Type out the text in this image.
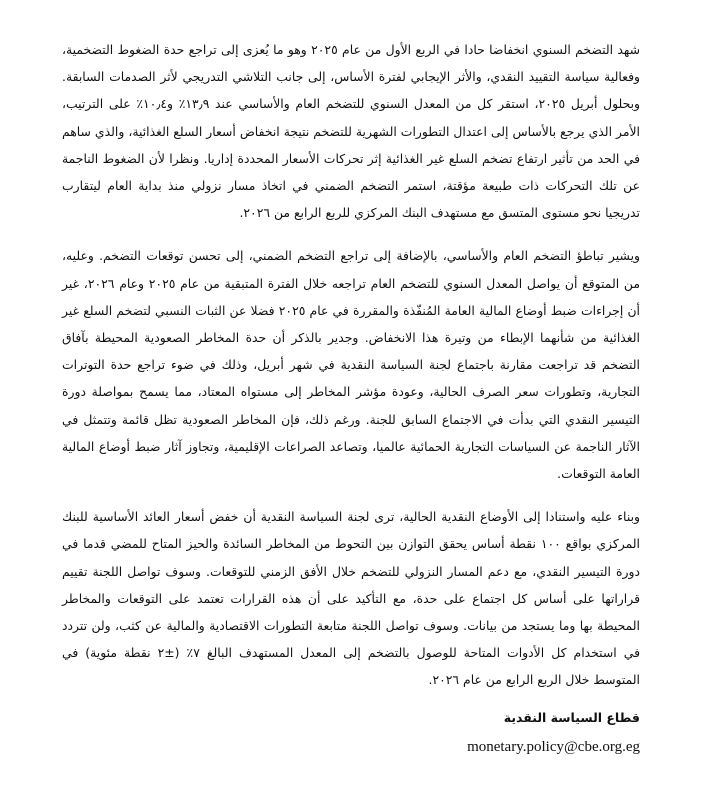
شهد التضخم السنوي انخفاضا حادا في الربع الأول من عام ٢٠٢٥ وهو ما يُعزى إلى تراجع حدة الضغوط التضخمية، وفعالية سياسة التقييد النقدي، والأثر الإيجابي لفترة الأساس، إلى جانب التلاشي التدريجي لأثر الصدمات السابقة. وبحلول أبريل ٢٠٢٥، استقر كل من المعدل السنوي للتضخم العام والأساسي عند ١٣٫٩٪ و١٠٫٤٪ على الترتيب، الأمر الذي يرجع بالأساس إلى اعتدال التطورات الشهرية للتضخم نتيجة انخفاض أسعار السلع الغذائية، والذي ساهم في الحد من تأثير ارتفاع تضخم السلع غير الغذائية إثر تحركات الأسعار المحددة إداريا. ونظرا لأن الضغوط الناجمة عن تلك التحركات ذات طبيعة مؤقتة، استمر التضخم الضمني في اتخاذ مسار نزولي منذ بداية العام ليتقارب تدريجيا نحو مستوى المتسق مع مستهدف البنك المركزي للربع الرابع من ٢٠٢٦.

ويشير تباطؤ التضخم العام والأساسي، بالإضافة إلى تراجع التضخم الضمني، إلى تحسن توقعات التضخم. وعليه، من المتوقع أن يواصل المعدل السنوي للتضخم العام تراجعه خلال الفترة المتبقية من عام ٢٠٢٥ وعام ٢٠٢٦، غير أن إجراءات ضبط أوضاع المالية العامة المُنفّذة والمقررة في عام ٢٠٢٥ فضلا عن الثبات النسبي لتضخم السلع غير الغذائية من شأنهما الإبطاء من وتيرة هذا الانخفاض. وجدير بالذكر أن حدة المخاطر الصعودية المحيطة بآفاق التضخم قد تراجعت مقارنة باجتماع لجنة السياسة النقدية في شهر أبريل، وذلك في ضوء تراجع حدة التوترات التجارية، وتطورات سعر الصرف الحالية، وعودة مؤشر المخاطر إلى مستواه المعتاد، مما يسمح بمواصلة دورة التيسير النقدي التي بدأت في الاجتماع السابق للجنة. ورغم ذلك، فإن المخاطر الصعودية تظل قائمة وتتمثل في الآثار الناجمة عن السياسات التجارية الحمائية عالميا، وتصاعد الصراعات الإقليمية، وتجاوز آثار ضبط أوضاع المالية العامة التوقعات.

وبناء عليه واستنادا إلى الأوضاع النقدية الحالية، ترى لجنة السياسة النقدية أن خفض أسعار العائد الأساسية للبنك المركزي بواقع ١٠٠ نقطة أساس يحقق التوازن بين التحوط من المخاطر السائدة والحيز المتاح للمضي قدما في دورة التيسير النقدي، مع دعم المسار النزولي للتضخم خلال الأفق الزمني للتوقعات. وسوف تواصل اللجنة تقييم قراراتها على أساس كل اجتماع على حدة، مع التأكيد على أن هذه القرارات تعتمد على التوقعات والمخاطر المحيطة بها وما يستجد من بيانات. وسوف تواصل اللجنة متابعة التطورات الاقتصادية والمالية عن كثب، ولن تتردد في استخدام كل الأدوات المتاحة للوصول بالتضخم إلى المعدل المستهدف البالغ ٧٪ (±٢ نقطة مئوية) في المتوسط خلال الربع الرابع من عام ٢٠٢٦.

قطاع السياسة النقدية

monetary.policy@cbe.org.eg
